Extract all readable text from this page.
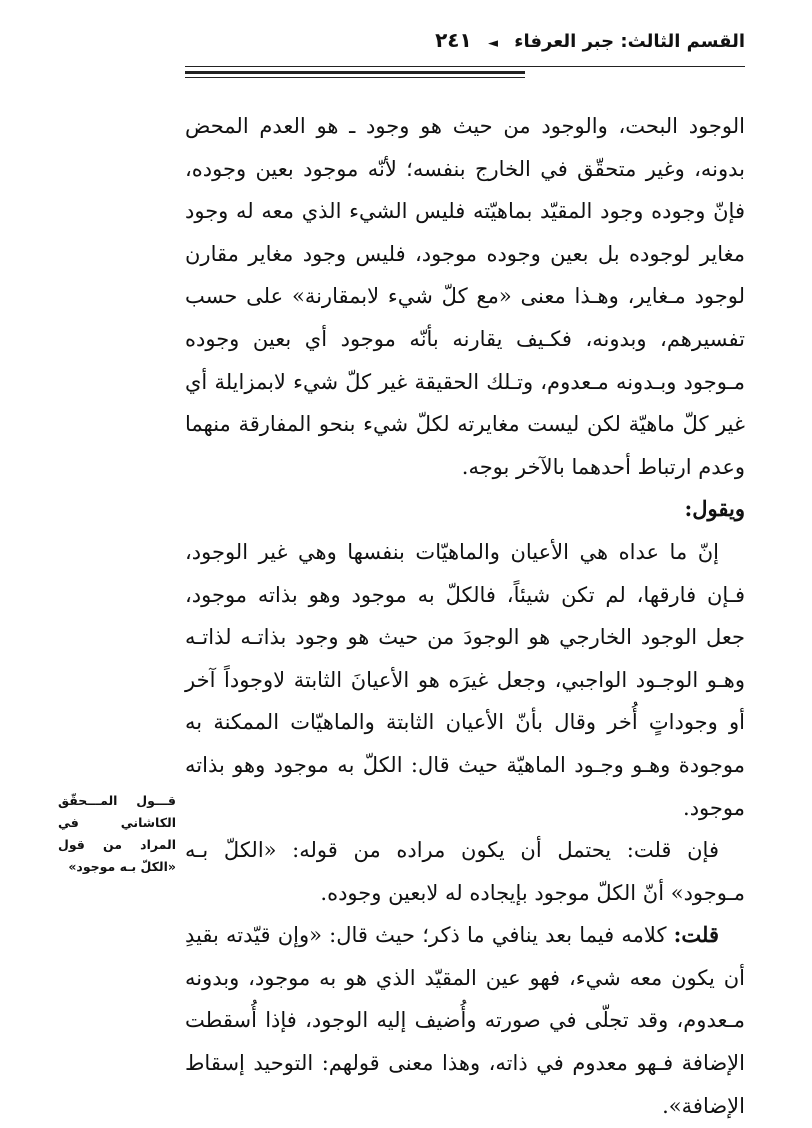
القسم الثالث: جبر العرفاء ◄ ٢٤١

الوجود البحت، والوجود من حيث هو وجود ـ هو العدم المحض بدونه، وغير متحقّق في الخارج بنفسه؛ لأنّه موجود بعين وجوده، فإنّ وجوده وجود المقيّد بماهيّته فليس الشيء الذي معه له وجود مغاير لوجوده بل بعين وجوده موجود، فليس وجود مغاير مقارن لوجود مـغاير، وهـذا معنى «مع كلّ شيء لابمقارنة» على حسب تفسيرهم، وبدونه، فكـيف يقارنه بأنّه موجود أي بعين وجوده مـوجود وبـدونه مـعدوم، وتـلك الحقيقة غير كلّ شيء لابمزايلة أي غير كلّ ماهيّة لكن ليست مغايرته لكلّ شيء بنحو المفارقة منهما وعدم ارتباط أحدهما بالآخر بوجه.

ويقول:

إنّ ما عداه هي الأعيان والماهيّات بنفسها وهي غير الوجود، فـإن فارقها، لم تكن شيئاً، فالكلّ به موجود وهو بذاته موجود، جعل الوجود الخارجي هو الوجودَ من حيث هو وجود بذاتـه لذاتـه وهـو الوجـود الواجبي، وجعل غيرَه هو الأعيانَ الثابتة لاوجوداً آخر أو وجوداتٍ أُخر وقال بأنّ الأعيان الثابتة والماهيّات الممكنة به موجودة وهـو وجـود الماهيّة حيث قال: الكلّ به موجود وهو بذاته موجود.

فإن قلت: يحتمل أن يكون مراده من قوله: «الكلّ بـه مـوجود» أنّ الكلّ موجود بإيجاده له لابعين وجوده.

قلت: كلامه فيما بعد ينافي ما ذكر؛ حيث قال: «وإن قيّدته بقيدِ أن يكون معه شيء، فهو عين المقيّد الذي هو به موجود، وبدونه مـعدوم، وقد تجلّى في صورته وأُضيف إليه الوجود، فإذا أُسقطت الإضافة فـهو معدوم في ذاته، وهذا معنى قولهم: التوحيد إسقاط الإضافة».

قـــول المـــحقّق الكاشاني في المراد من قول «الكلّ بـه موجود»
